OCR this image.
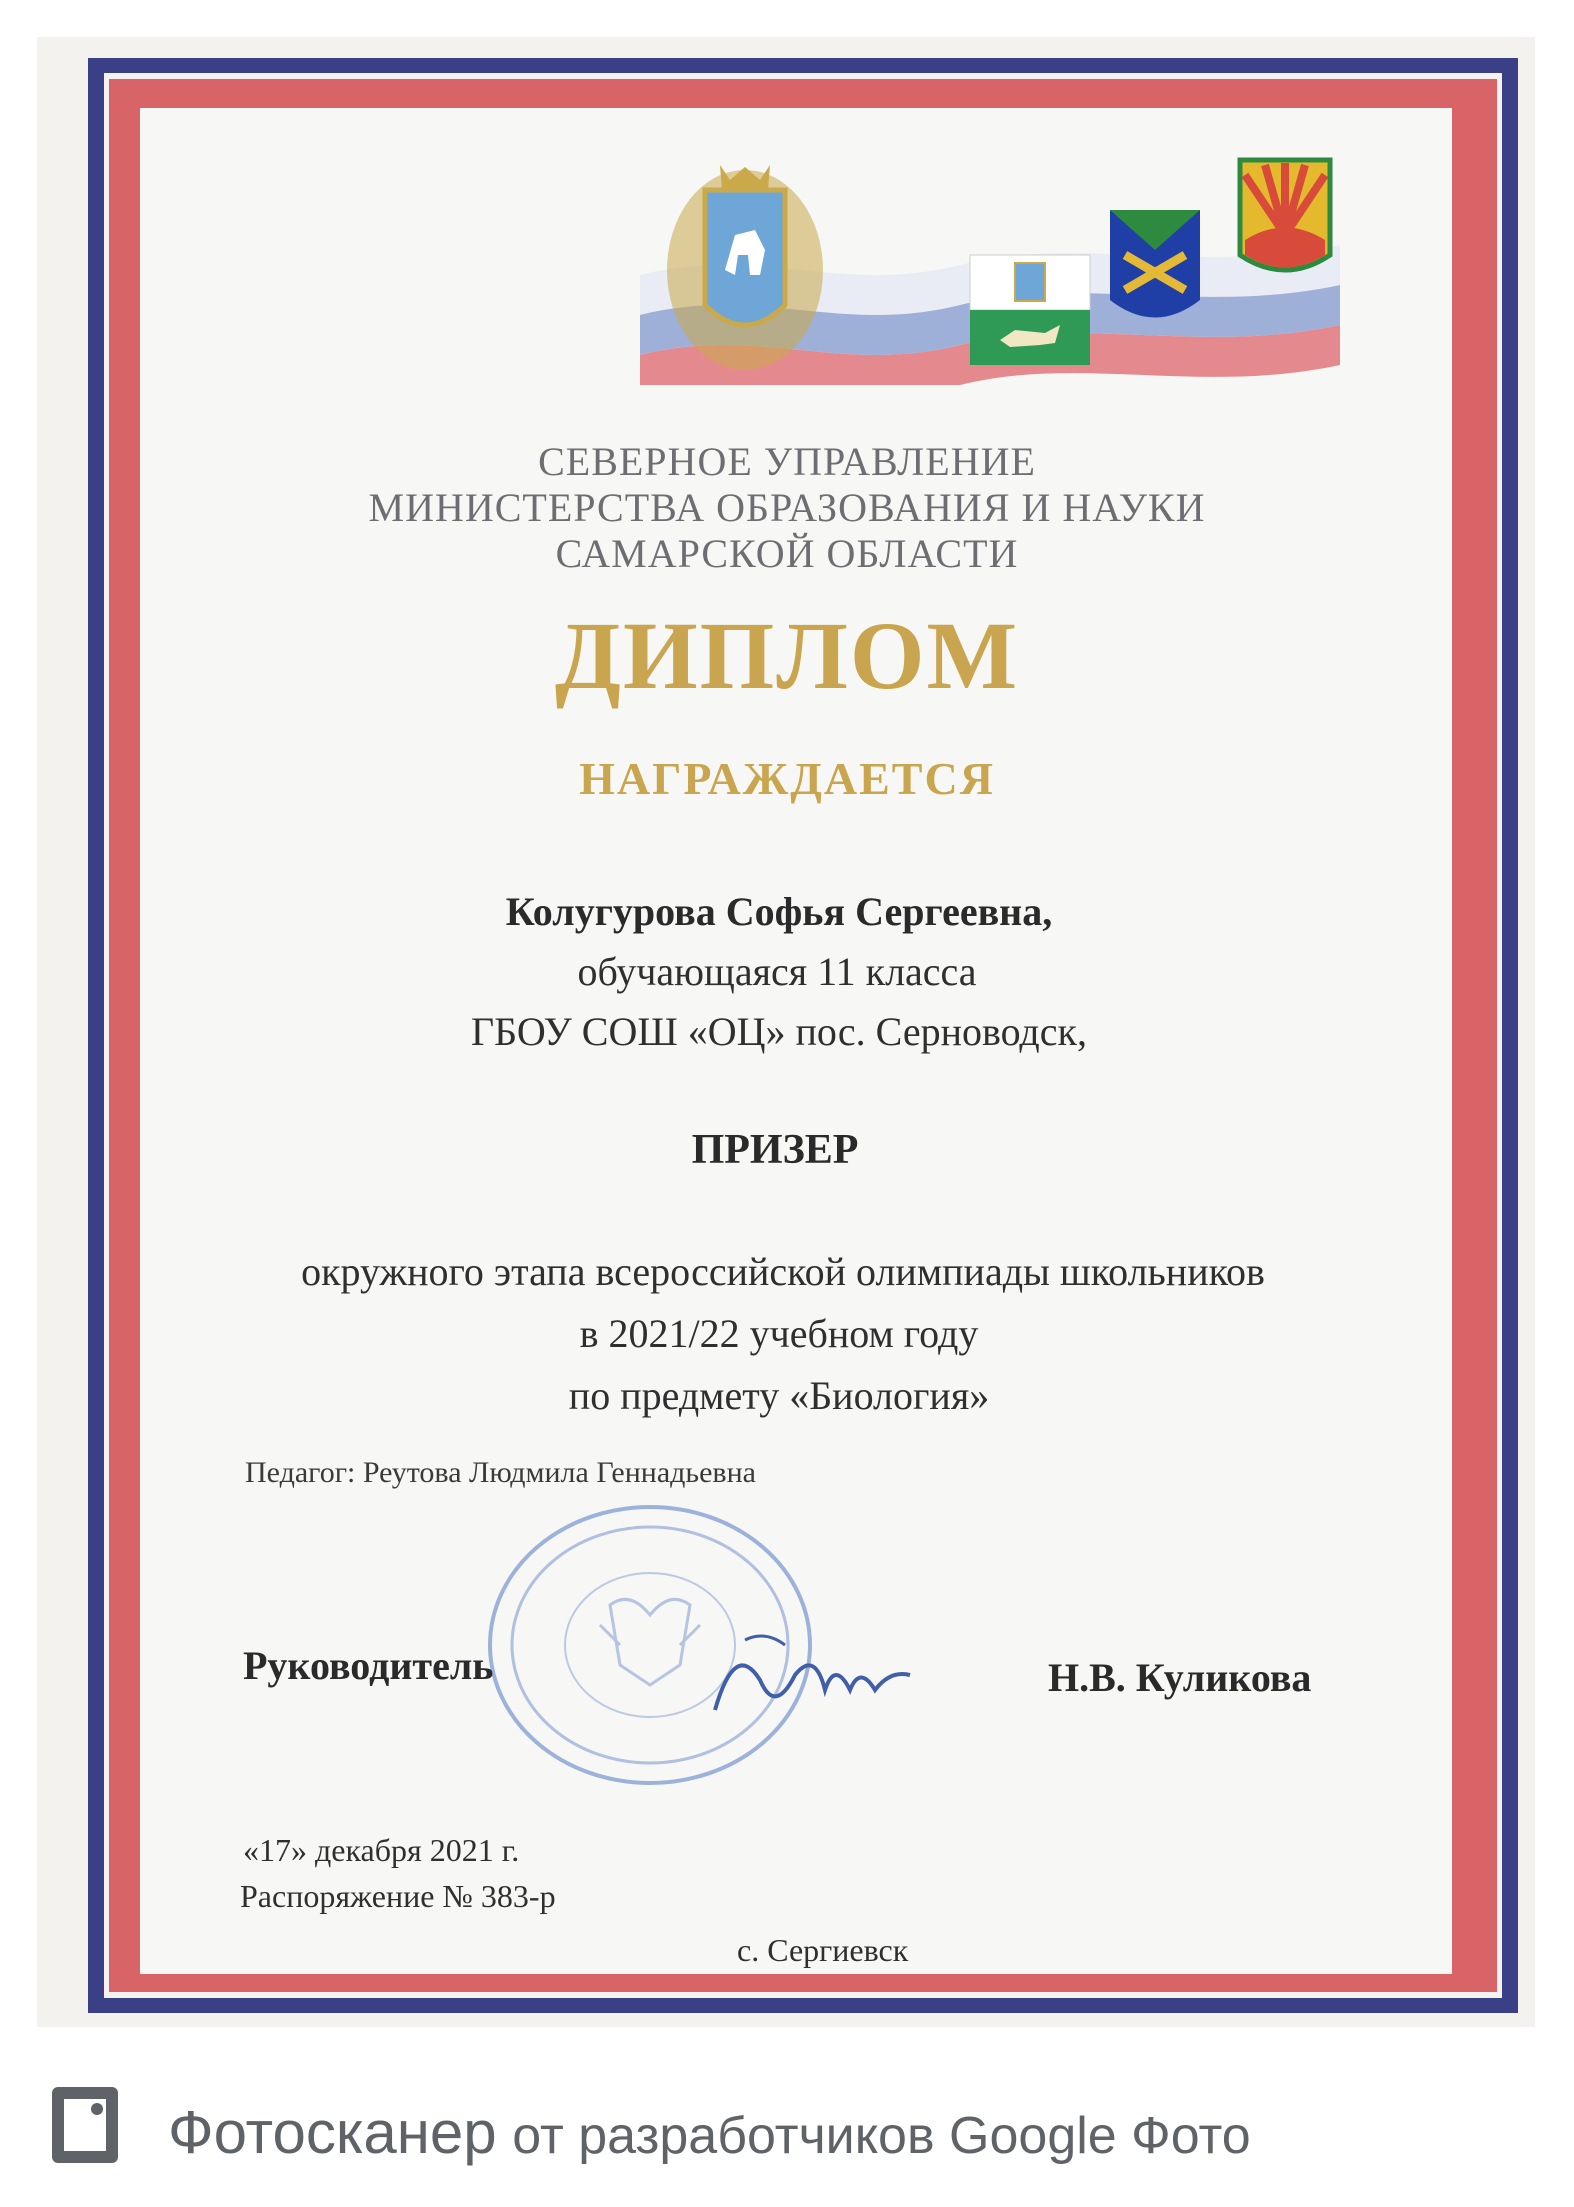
СЕВЕРНОЕ УПРАВЛЕНИЕ
МИНИСТЕРСТВА ОБРАЗОВАНИЯ И НАУКИ
САМАРСКОЙ ОБЛАСТИ
ДИПЛОМ
НАГРАЖДАЕТСЯ
Колугурова Софья Сергеевна,
обучающаяся 11 класса
ГБОУ СОШ «ОЦ» пос. Серноводск,
ПРИЗЕР
окружного этапа всероссийской олимпиады школьников
в 2021/22 учебном году
по предмету «Биология»
Педагог: Реутова Людмила Геннадьевна
Руководитель	Н.В. Куликова
«17» декабря 2021 г.
Распоряжение № 383-р
с. Сергиевск
Фотосканер от разработчиков Google Фото
